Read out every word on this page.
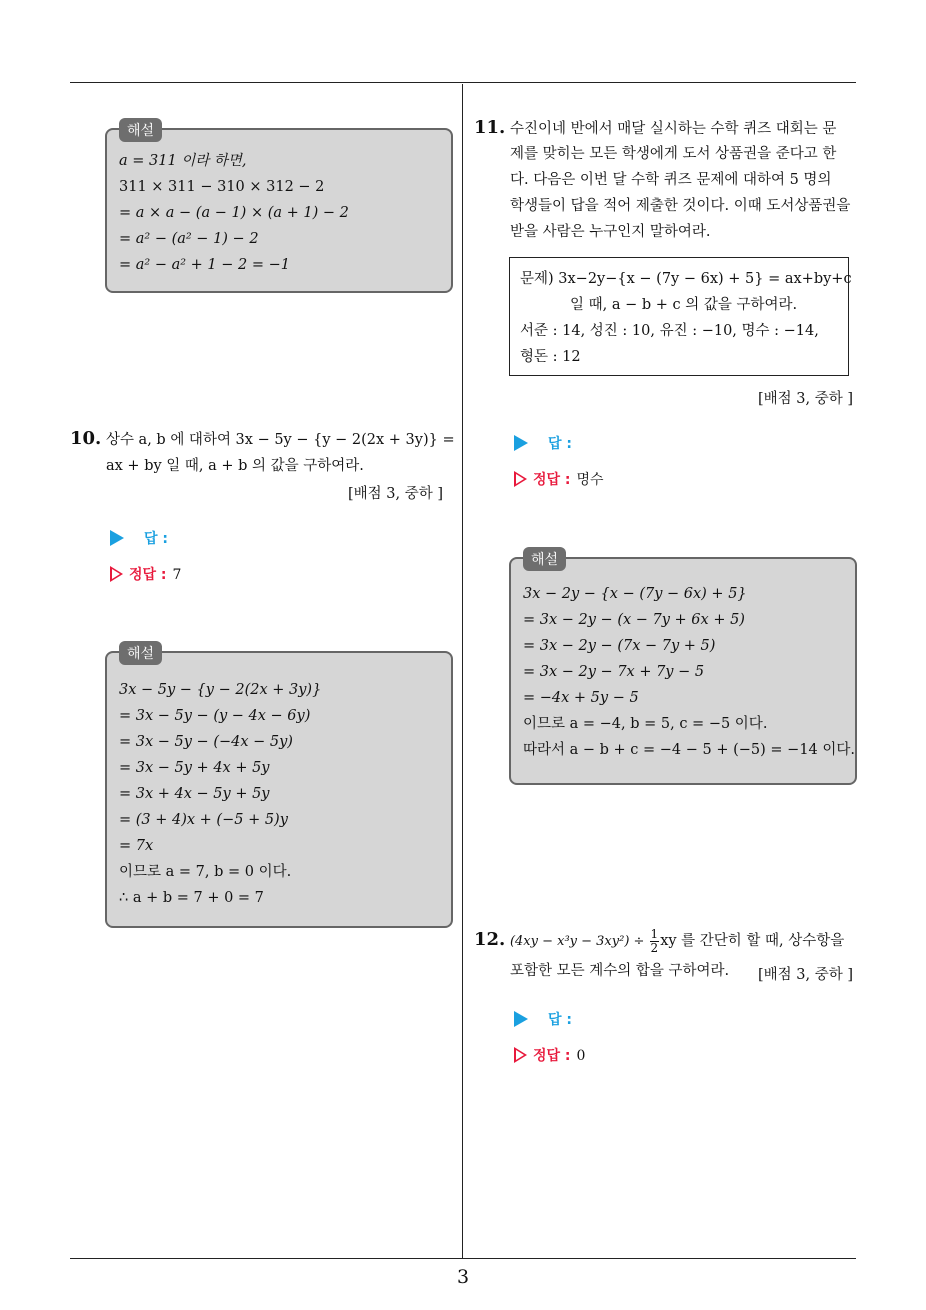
3
해설
a = 311 이라 하면,
311 × 311 − 310 × 312 − 2
= a × a − (a − 1) × (a + 1) − 2
= a² − (a² − 1) − 2
= a² − a² + 1 − 2 = −1
10. 상수 a, b 에 대하여 3x − 5y − {y − 2(2x + 3y)} =
ax + by 일 때, a + b 의 값을 구하여라.
[배점 3, 중하 ]
답 :
정답 : 7
해설
3x − 5y − {y − 2(2x + 3y)}
= 3x − 5y − (y − 4x − 6y)
= 3x − 5y − (−4x − 5y)
= 3x − 5y + 4x + 5y
= 3x + 4x − 5y + 5y
= (3 + 4)x + (−5 + 5)y
= 7x
이므로 a = 7, b = 0 이다.
∴ a + b = 7 + 0 = 7
11. 수진이네 반에서 매달 실시하는 수학 퀴즈 대회는 문
제를 맞히는 모든 학생에게 도서 상품권을 준다고 한
다. 다음은 이번 달 수학 퀴즈 문제에 대하여 5 명의
학생들이 답을 적어 제출한 것이다. 이때 도서상품권을
받을 사람은 누구인지 말하여라.
문제) 3x−2y−{x − (7y − 6x) + 5} = ax+by+c
일 때, a − b + c 의 값을 구하여라.
서준 : 14, 성진 : 10, 유진 : −10, 명수 : −14,
형돈 : 12
[배점 3, 중하 ]
답 :
정답 : 명수
해설
3x − 2y − {x − (7y − 6x) + 5}
= 3x − 2y − (x − 7y + 6x + 5)
= 3x − 2y − (7x − 7y + 5)
= 3x − 2y − 7x + 7y − 5
= −4x + 5y − 5
이므로 a = −4, b = 5, c = −5 이다.
따라서 a − b + c = −4 − 5 + (−5) = −14 이다.
12. $(4xy - x^3y - 3xy^2) \div \frac{1}{2}$ xy 를 간단히 할 때, 상수항을
포함한 모든 계수의 합을 구하여라. [배점 3, 중하 ]
답 :
정답 : 0
